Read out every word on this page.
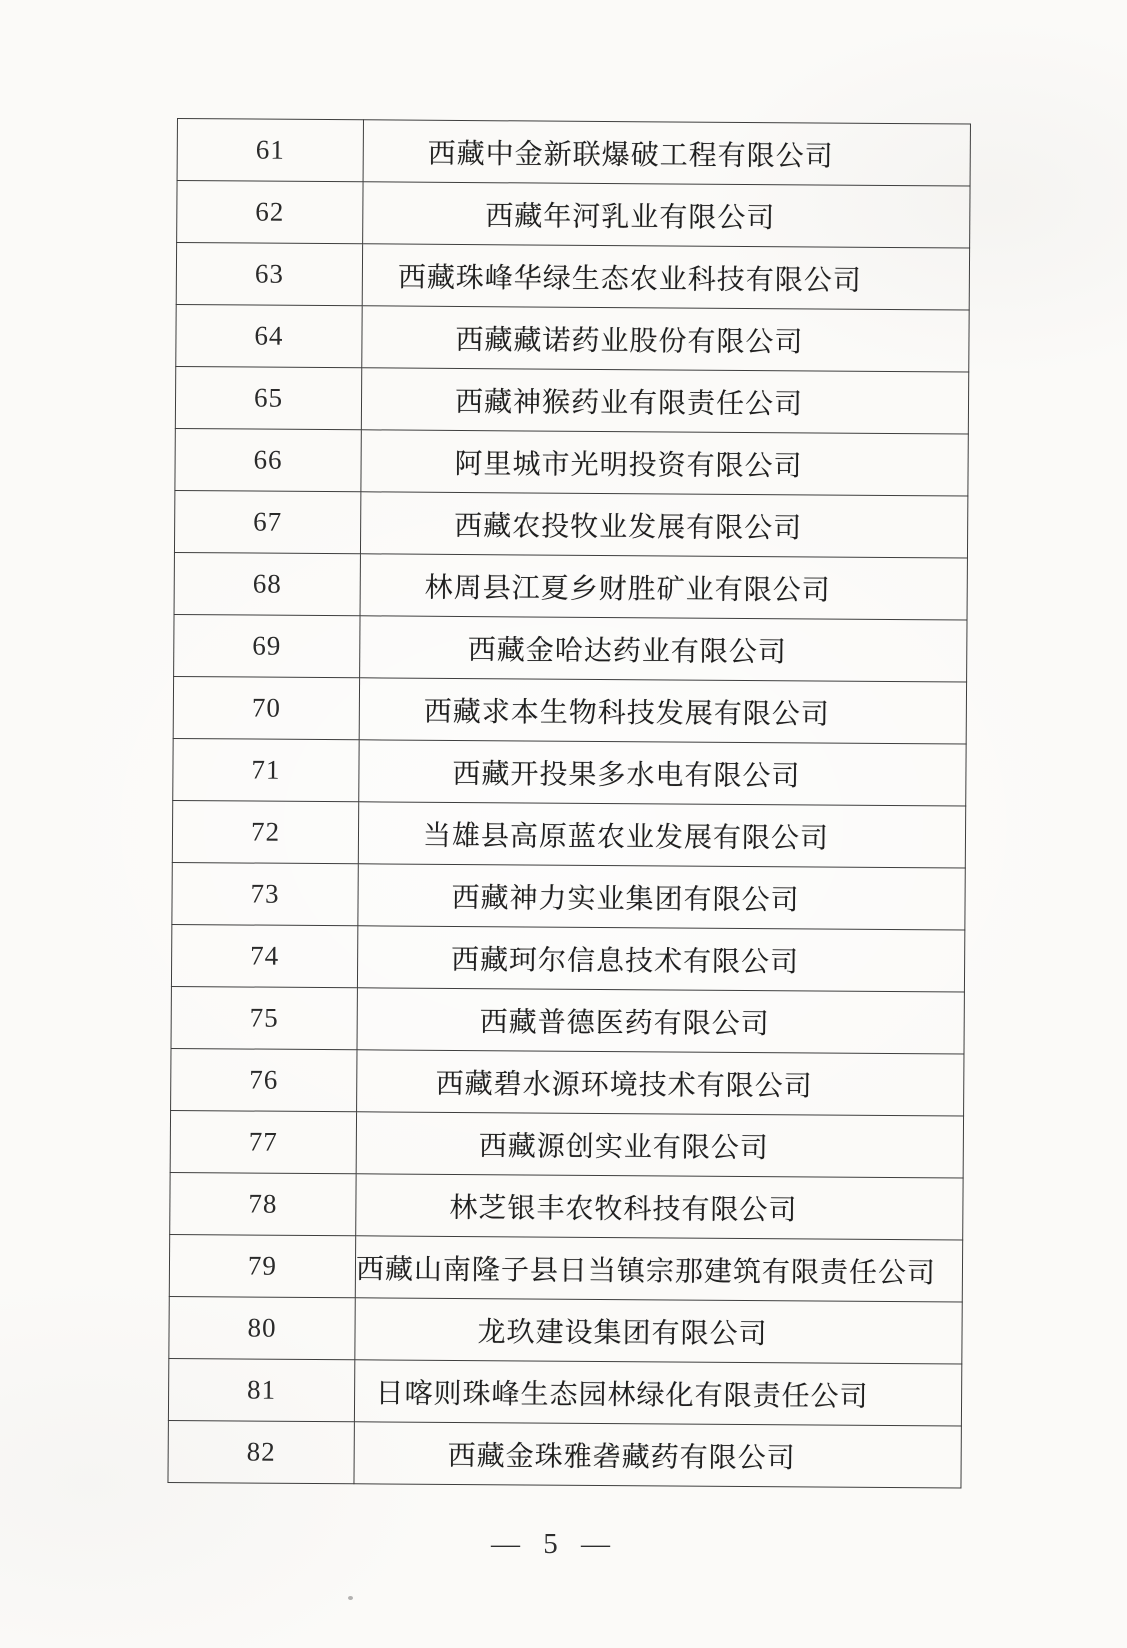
61	西藏中金新联爆破工程有限公司
62	西藏年河乳业有限公司
63	西藏珠峰华绿生态农业科技有限公司
64	西藏藏诺药业股份有限公司
65	西藏神猴药业有限责任公司
66	阿里城市光明投资有限公司
67	西藏农投牧业发展有限公司
68	林周县江夏乡财胜矿业有限公司
69	西藏金哈达药业有限公司
70	西藏求本生物科技发展有限公司
71	西藏开投果多水电有限公司
72	当雄县高原蓝农业发展有限公司
73	西藏神力实业集团有限公司
74	西藏珂尔信息技术有限公司
75	西藏普德医药有限公司
76	西藏碧水源环境技术有限公司
77	西藏源创实业有限公司
78	林芝银丰农牧科技有限公司
79	西藏山南隆子县日当镇宗那建筑有限责任公司
80	龙玖建设集团有限公司
81	日喀则珠峰生态园林绿化有限责任公司
82	西藏金珠雅砻藏药有限公司
— 5 —
